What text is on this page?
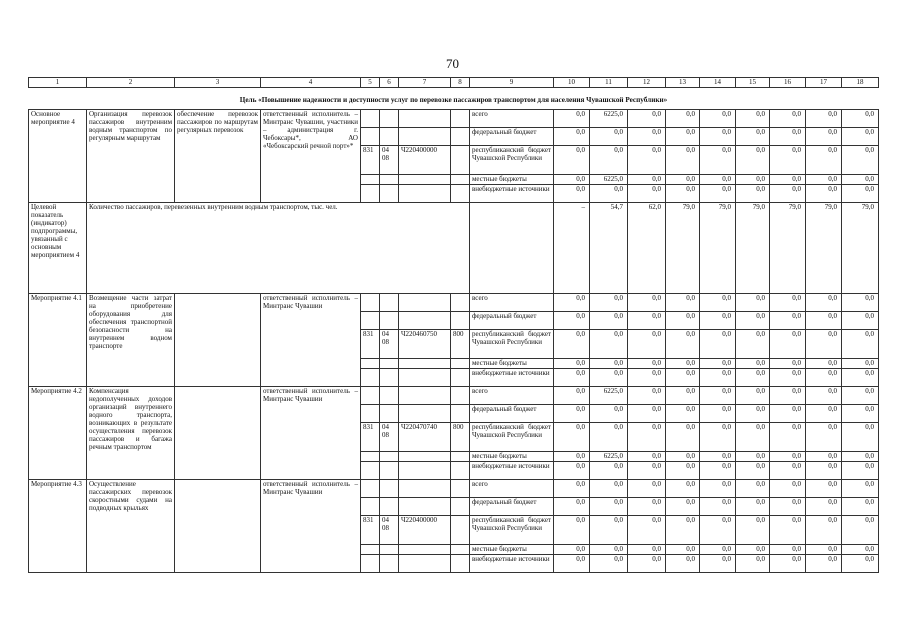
70
1	2	3	4	5	6	7	8	9	10	11	12	13	14	15	16	17	18
Цель «Повышение надежности и доступности услуг по перевозке пассажиров транспортом для населения Чувашской Республики»																	
Основное мероприятие 4	Организация перевозок пассажиров внутренним водным транспортом по регулярным маршрутам	обеспечение перевозок пассажиров по маршрутам регулярных перевозок	ответственный исполнитель – Минтранс Чувашии, участники – администрация г. Чебоксары*, АО «Чебоксарский речной порт»*					всего	0,0	6225,0	0,0	0,0	0,0	0,0	0,0	0,0	0,0
								федеральный бюджет	0,0	0,0	0,0	0,0	0,0	0,0	0,0	0,0	0,0
				831	04 08	Ч220400000		республиканский бюджет Чувашской Республики	0,0	0,0	0,0	0,0	0,0	0,0	0,0	0,0	0,0
								местные бюджеты	0,0	6225,0	0,0	0,0	0,0	0,0	0,0	0,0	0,0
								внебюджетные источники	0,0	0,0	0,0	0,0	0,0	0,0	0,0	0,0	0,0
Целевой показатель (индикатор) подпрограммы, увязанный с основным мероприятием 4	Количество пассажиров, перевезенных внутренним водным транспортом, тыс. чел.								–	54,7	62,0	79,0	79,0	79,0	79,0	79,0	79,0
Мероприятие 4.1	Возмещение части затрат на приобретение оборудования для обеспечения транспортной безопасности на внутреннем водном транспорте		ответственный исполнитель – Минтранс Чувашии					всего	0,0	0,0	0,0	0,0	0,0	0,0	0,0	0,0	0,0
								федеральный бюджет	0,0	0,0	0,0	0,0	0,0	0,0	0,0	0,0	0,0
				831	04 08	Ч220460750	800	республиканский бюджет Чувашской Республики	0,0	0,0	0,0	0,0	0,0	0,0	0,0	0,0	0,0
								местные бюджеты	0,0	0,0	0,0	0,0	0,0	0,0	0,0	0,0	0,0
								внебюджетные источники	0,0	0,0	0,0	0,0	0,0	0,0	0,0	0,0	0,0
Мероприятие 4.2	Компенсация недополученных доходов организаций внутреннего водного транспорта, возникающих в результате осуществления перевозок пассажиров и багажа речным транспортом		ответственный исполнитель – Минтранс Чувашии					всего	0,0	6225,0	0,0	0,0	0,0	0,0	0,0	0,0	0,0
								федеральный бюджет	0,0	0,0	0,0	0,0	0,0	0,0	0,0	0,0	0,0
				831	04 08	Ч220470740	800	республиканский бюджет Чувашской Республики	0,0	0,0	0,0	0,0	0,0	0,0	0,0	0,0	0,0
								местные бюджеты	0,0	6225,0	0,0	0,0	0,0	0,0	0,0	0,0	0,0
								внебюджетные источники	0,0	0,0	0,0	0,0	0,0	0,0	0,0	0,0	0,0
Мероприятие 4.3	Осуществление пассажирских перевозок скоростными судами на подводных крыльях		ответственный исполнитель – Минтранс Чувашии					всего	0,0	0,0	0,0	0,0	0,0	0,0	0,0	0,0	0,0
								федеральный бюджет	0,0	0,0	0,0	0,0	0,0	0,0	0,0	0,0	0,0
				831	04 08	Ч220400000		республиканский бюджет Чувашской Республики	0,0	0,0	0,0	0,0	0,0	0,0	0,0	0,0	0,0
								местные бюджеты	0,0	0,0	0,0	0,0	0,0	0,0	0,0	0,0	0,0
								внебюджетные источники	0,0	0,0	0,0	0,0	0,0	0,0	0,0	0,0	0,0
